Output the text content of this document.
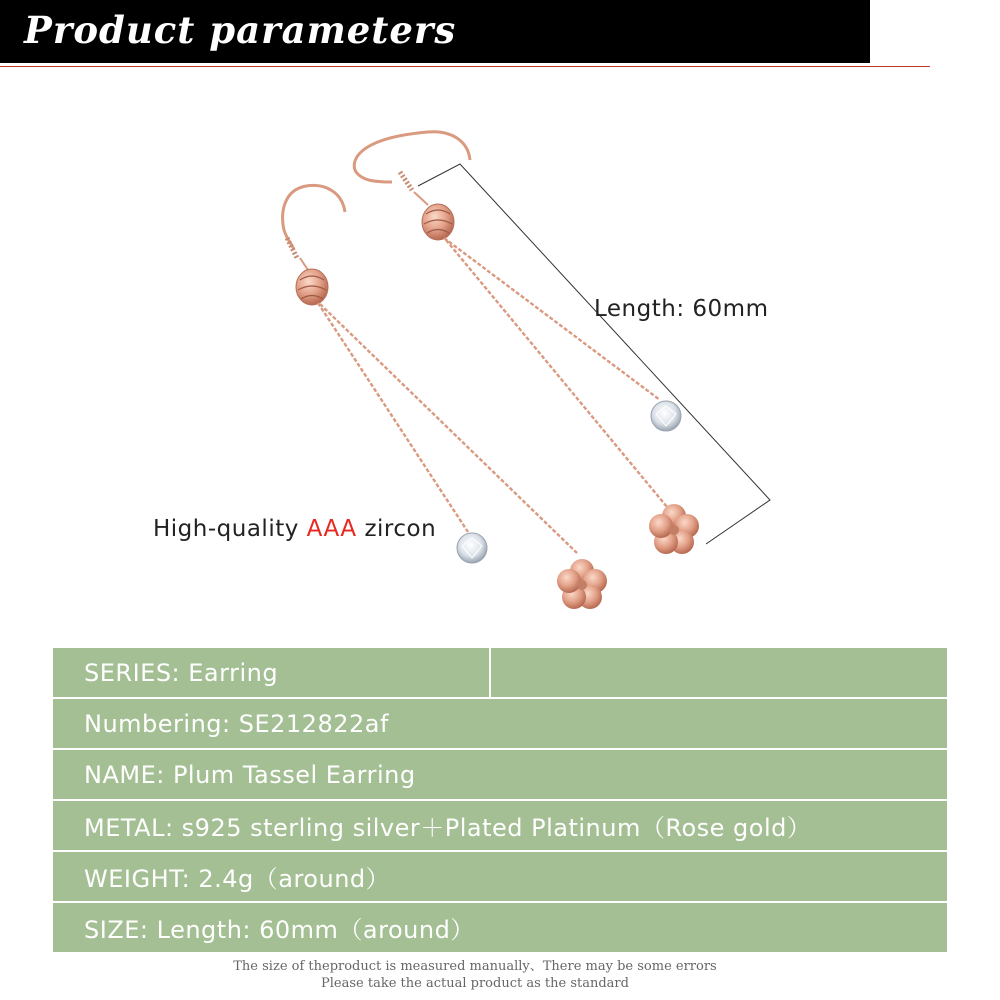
Product parameters
Length: 60mm
High-quality AAA zircon
SERIES: Earring
Numbering: SE212822af
NAME: Plum Tassel Earring
METAL: s925 sterling silver＋Plated Platinum（Rose gold）
WEIGHT: 2.4g（around）
SIZE: Length: 60mm（around）
The size of theproduct is measured manually、There may be some errors
Please take the actual product as the standard
